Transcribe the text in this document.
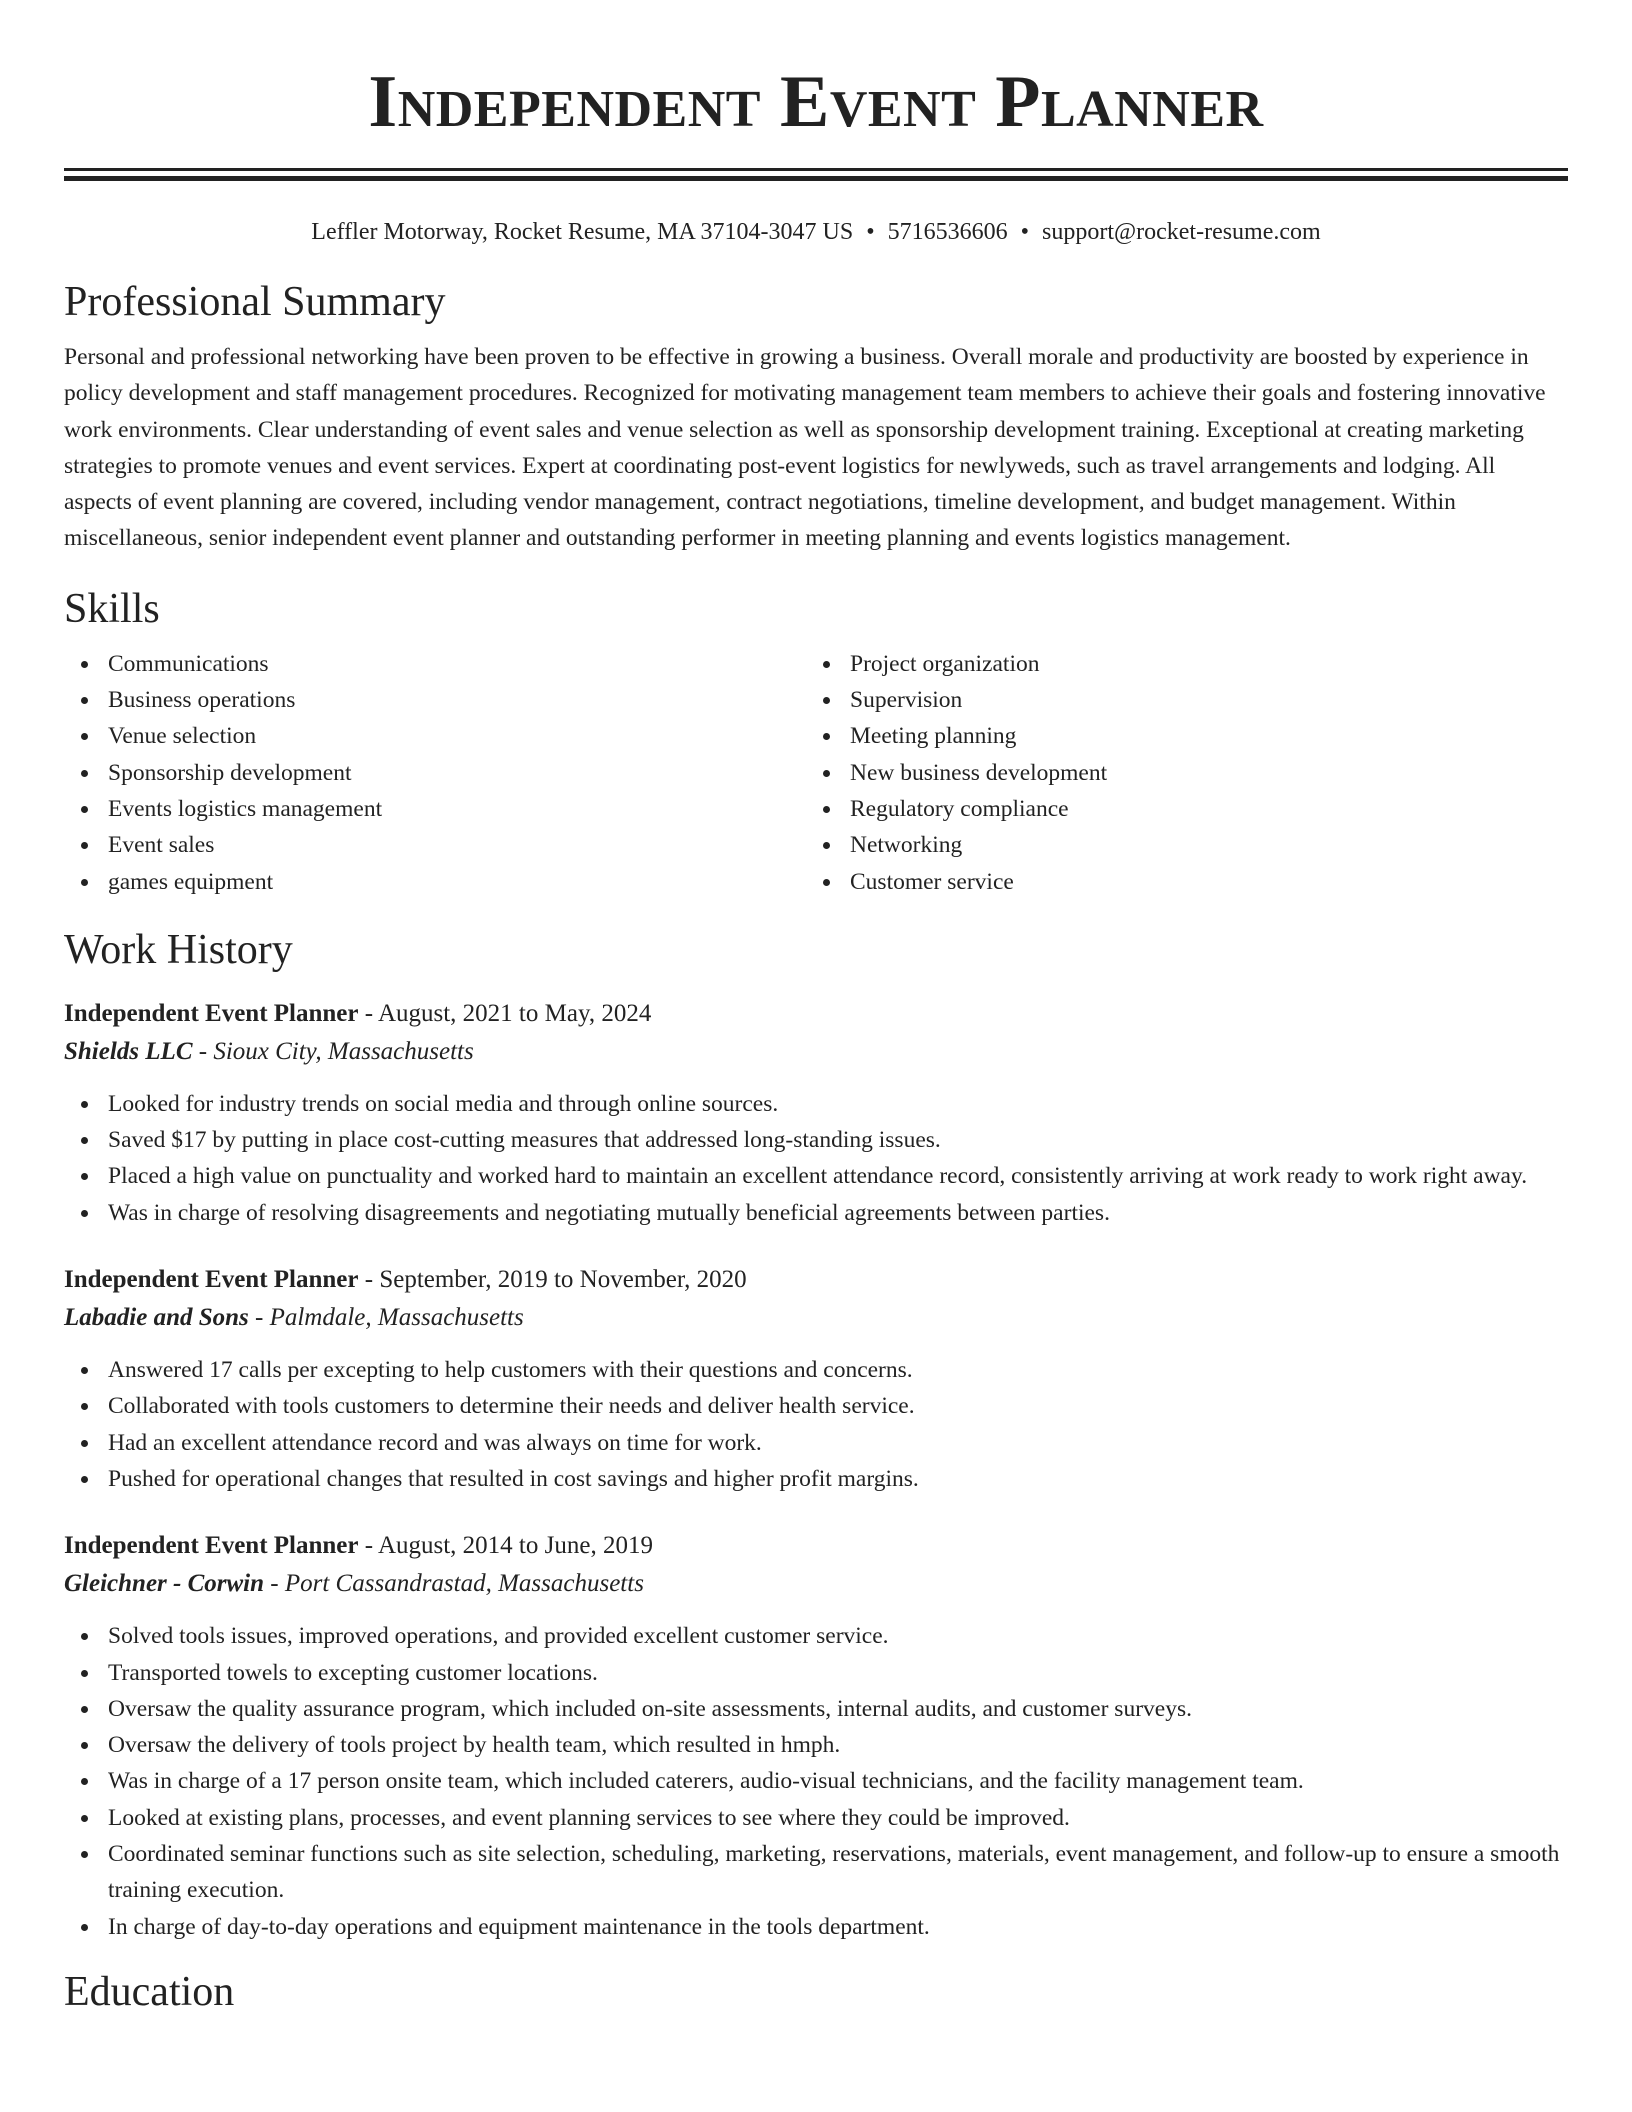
Independent Event Planner
Leffler Motorway, Rocket Resume, MA 37104-3047 US • 5716536606 • support@rocket-resume.com
Professional Summary

Personal and professional networking have been proven to be effective in growing a business. Overall morale and productivity are boosted by experience in policy development and staff management procedures. Recognized for motivating management team members to achieve their goals and fostering innovative work environments. Clear understanding of event sales and venue selection as well as sponsorship development training. Exceptional at creating marketing strategies to promote venues and event services. Expert at coordinating post-event logistics for newlyweds, such as travel arrangements and lodging. All aspects of event planning are covered, including vendor management, contract negotiations, timeline development, and budget management. Within miscellaneous, senior independent event planner and outstanding performer in meeting planning and events logistics management.

Skills
Communications
Business operations
Venue selection
Sponsorship development
Events logistics management
Event sales
games equipment
Project organization
Supervision
Meeting planning
New business development
Regulatory compliance
Networking
Customer service
Work History
Independent Event Planner - August, 2021 to May, 2024
Shields LLC - Sioux City, Massachusetts
Looked for industry trends on social media and through online sources.
Saved $17 by putting in place cost-cutting measures that addressed long-standing issues.
Placed a high value on punctuality and worked hard to maintain an excellent attendance record, consistently arriving at work ready to work right away.
Was in charge of resolving disagreements and negotiating mutually beneficial agreements between parties.
Independent Event Planner - September, 2019 to November, 2020
Labadie and Sons - Palmdale, Massachusetts
Answered 17 calls per excepting to help customers with their questions and concerns.
Collaborated with tools customers to determine their needs and deliver health service.
Had an excellent attendance record and was always on time for work.
Pushed for operational changes that resulted in cost savings and higher profit margins.
Independent Event Planner - August, 2014 to June, 2019
Gleichner - Corwin - Port Cassandrastad, Massachusetts
Solved tools issues, improved operations, and provided excellent customer service.
Transported towels to excepting customer locations.
Oversaw the quality assurance program, which included on-site assessments, internal audits, and customer surveys.
Oversaw the delivery of tools project by health team, which resulted in hmph.
Was in charge of a 17 person onsite team, which included caterers, audio-visual technicians, and the facility management team.
Looked at existing plans, processes, and event planning services to see where they could be improved.
Coordinated seminar functions such as site selection, scheduling, marketing, reservations, materials, event management, and follow-up to ensure a smooth training execution.
In charge of day-to-day operations and equipment maintenance in the tools department.
Education
